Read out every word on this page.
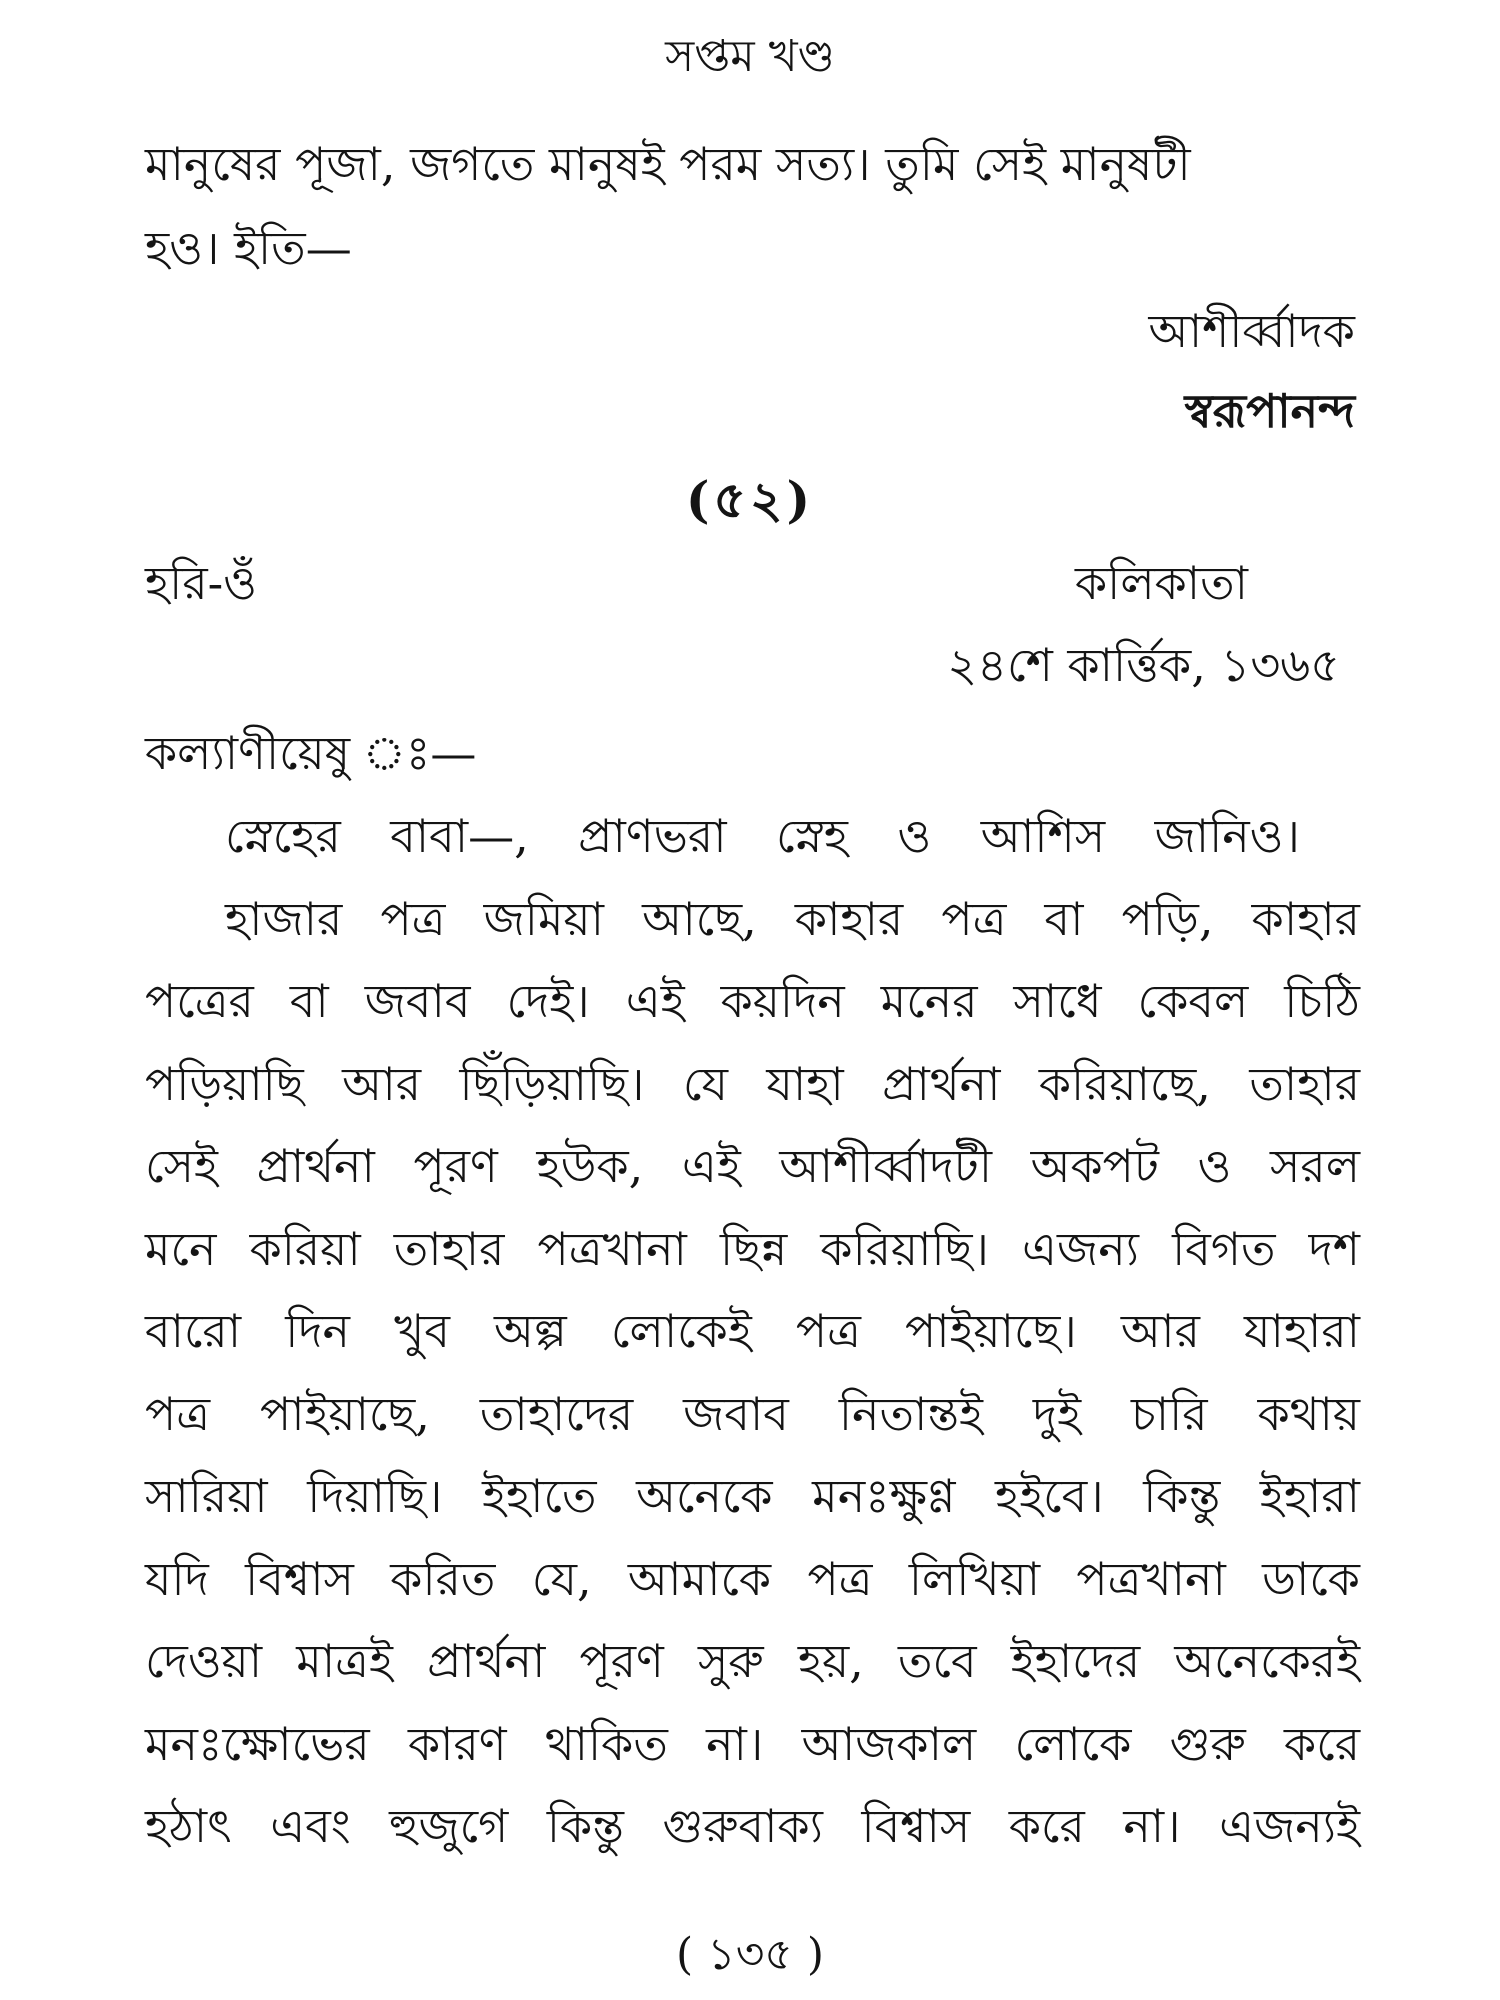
সপ্তম খণ্ড
মানুষের পূজা, জগতে মানুষই পরম সত্য। তুমি সেই মানুষটী
হও। ইতি—
আশীর্ব্বাদক
স্বরূপানন্দ
(৫২)
হরি-ওঁ	কলিকাতা
২৪শে কার্ত্তিক, ১৩৬৫
কল্যাণীয়েষু ঃ—
স্নেহের বাবা—, প্রাণভরা স্নেহ ও আশিস জানিও।
হাজার পত্র জমিয়া আছে, কাহার পত্র বা পড়ি, কাহার
পত্রের বা জবাব দেই। এই কয়দিন মনের সাধে কেবল চিঠি
পড়িয়াছি আর ছিঁড়িয়াছি। যে যাহা প্রার্থনা করিয়াছে, তাহার
সেই প্রার্থনা পূরণ হউক, এই আশীর্ব্বাদটী অকপট ও সরল
মনে করিয়া তাহার পত্রখানা ছিন্ন করিয়াছি। এজন্য বিগত দশ
বারো দিন খুব অল্প লোকেই পত্র পাইয়াছে। আর যাহারা
পত্র পাইয়াছে, তাহাদের জবাব নিতান্তই দুই চারি কথায়
সারিয়া দিয়াছি। ইহাতে অনেকে মনঃক্ষুণ্ণ হইবে। কিন্তু ইহারা
যদি বিশ্বাস করিত যে, আমাকে পত্র লিখিয়া পত্রখানা ডাকে
দেওয়া মাত্রই প্রার্থনা পূরণ সুরু হয়, তবে ইহাদের অনেকেরই
মনঃক্ষোভের কারণ থাকিত না। আজকাল লোকে গুরু করে
হঠাৎ এবং হুজুগে কিন্তু গুরুবাক্য বিশ্বাস করে না। এজন্যই
( ১৩৫ )
